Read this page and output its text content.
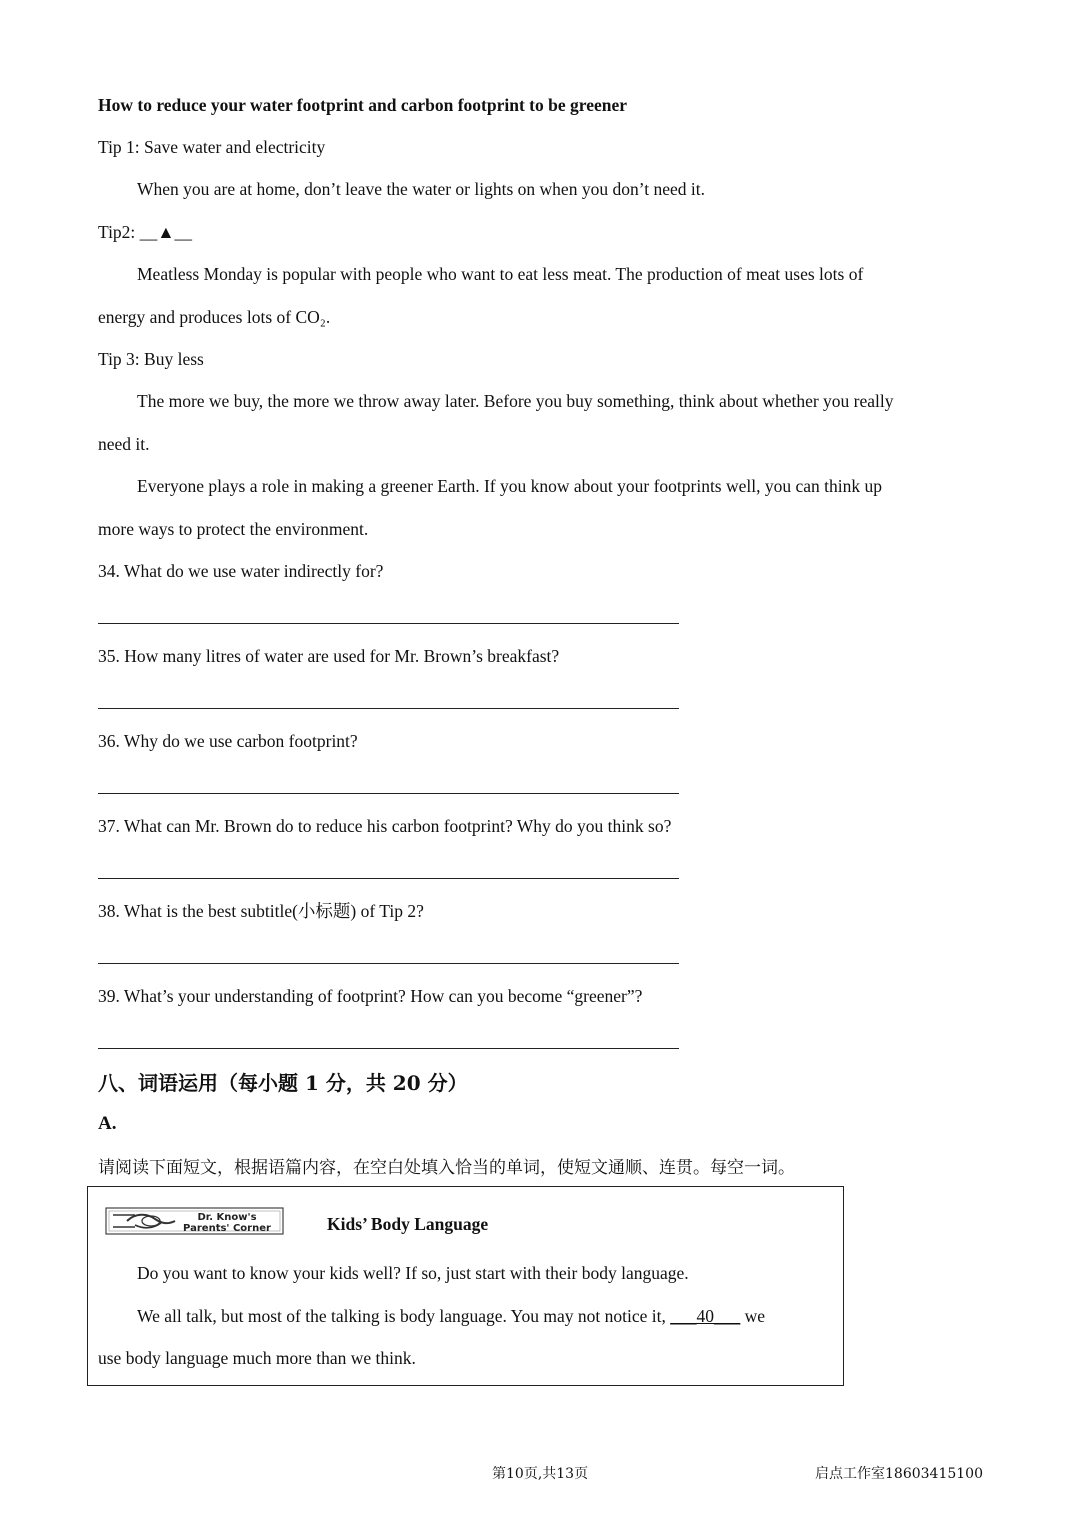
How to reduce your water footprint and carbon footprint to be greener
Tip 1: Save water and electricity
When you are at home, don’t leave the water or lights on when you don’t need it.
Tip2: __▲__
Meatless Monday is popular with people who want to eat less meat. The production of meat uses lots of
energy and produces lots of CO₂.
Tip 3: Buy less
The more we buy, the more we throw away later. Before you buy something, think about whether you really
need it.
Everyone plays a role in making a greener Earth. If you know about your footprints well, you can think up
more ways to protect the environment.
34. What do we use water indirectly for?
35. How many litres of water are used for Mr. Brown’s breakfast?
36. Why do we use carbon footprint?
37. What can Mr. Brown do to reduce his carbon footprint? Why do you think so?
38. What is the best subtitle(小标题) of Tip 2?
39. What’s your understanding of footprint? How can you become “greener”?
八、词语运用（每小题 1 分，共 20 分）
A.
请阅读下面短文，根据语篇内容，在空白处填入恰当的单词，使短文通顺、连贯。每空一词。
Dr. Know's
Parents' Corner	Kids’ Body Language
Do you want to know your kids well? If so, just start with their body language.
We all talk, but most of the talking is body language. You may not notice it, ___40___ we
use body language much more than we think.
第10页,共13页	启点工作室18603415100
